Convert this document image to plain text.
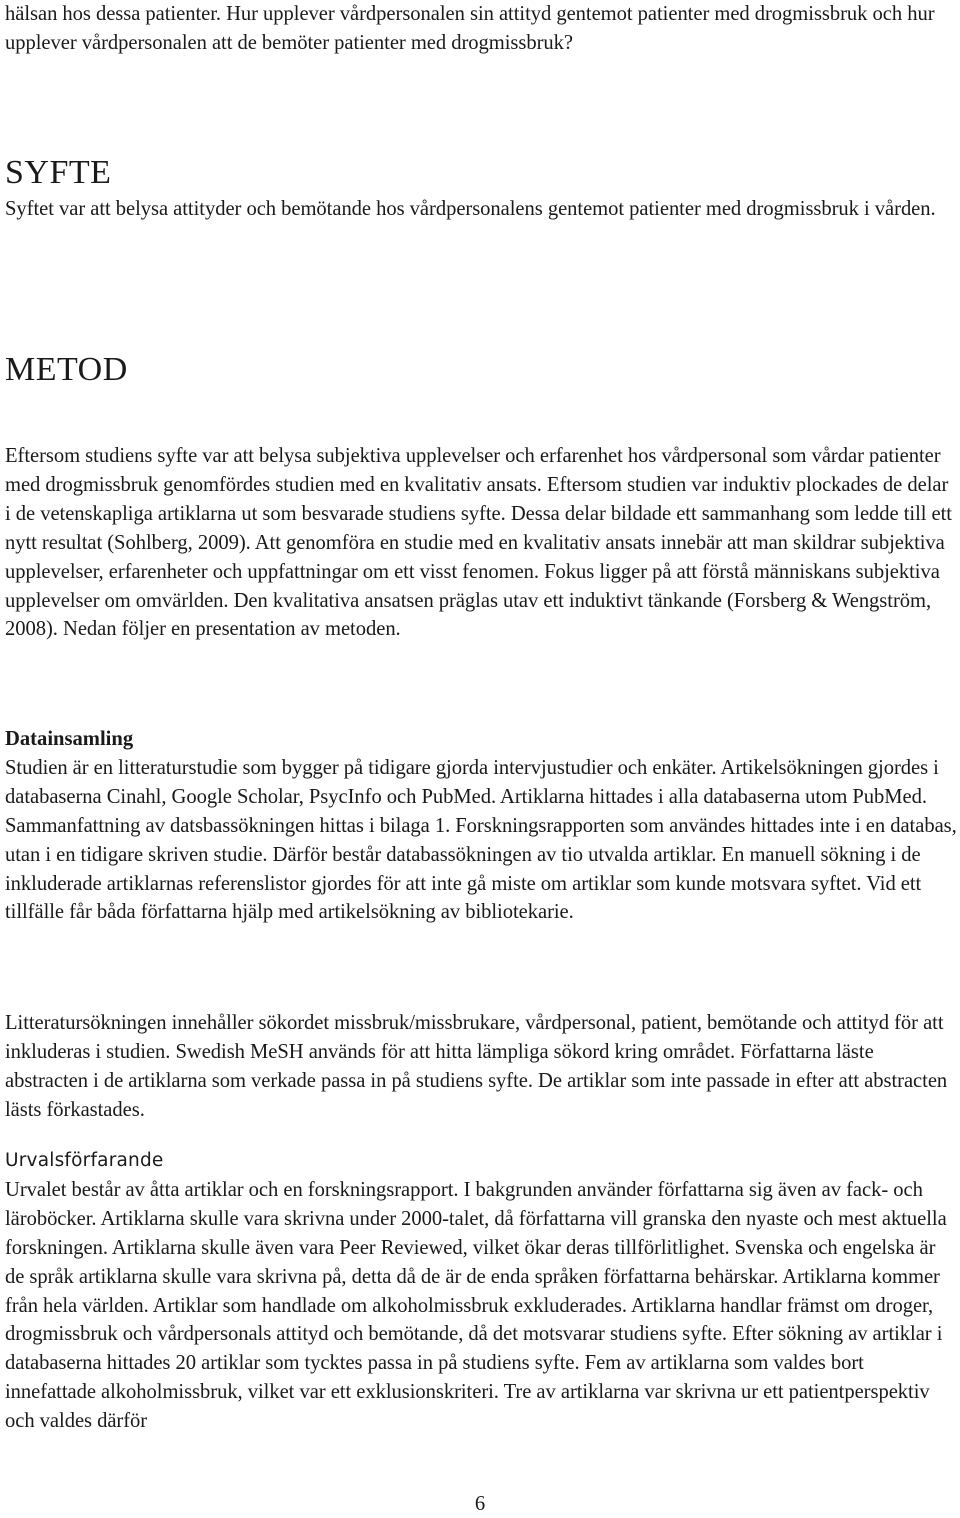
hälsan hos dessa patienter. Hur upplever vårdpersonalen sin attityd gentemot patienter med drogmissbruk och hur upplever vårdpersonalen att de bemöter patienter med drogmissbruk?

SYFTE

Syftet var att belysa attityder och bemötande hos vårdpersonalens gentemot patienter med drogmissbruk i vården.

METOD

Eftersom studiens syfte var att belysa subjektiva upplevelser och erfarenhet hos vårdpersonal som vårdar patienter med drogmissbruk genomfördes studien med en kvalitativ ansats. Eftersom studien var induktiv plockades de delar i de vetenskapliga artiklarna ut som besvarade studiens syfte. Dessa delar bildade ett sammanhang som ledde till ett nytt resultat (Sohlberg, 2009). Att genomföra en studie med en kvalitativ ansats innebär att man skildrar subjektiva upplevelser, erfarenheter och uppfattningar om ett visst fenomen. Fokus ligger på att förstå människans subjektiva upplevelser om omvärlden. Den kvalitativa ansatsen präglas utav ett induktivt tänkande (Forsberg & Wengström, 2008). Nedan följer en presentation av metoden.

Datainsamling

Studien är en litteraturstudie som bygger på tidigare gjorda intervjustudier och enkäter. Artikelsökningen gjordes i databaserna Cinahl, Google Scholar, PsycInfo och PubMed. Artiklarna hittades i alla databaserna utom PubMed. Sammanfattning av datsbassökningen hittas i bilaga 1. Forskningsrapporten som användes hittades inte i en databas, utan i en tidigare skriven studie. Därför består databassökningen av tio utvalda artiklar. En manuell sökning i de inkluderade artiklarnas referenslistor gjordes för att inte gå miste om artiklar som kunde motsvara syftet. Vid ett tillfälle får båda författarna hjälp med artikelsökning av bibliotekarie.

Litteratursökningen innehåller sökordet missbruk/missbrukare, vårdpersonal, patient, bemötande och attityd för att inkluderas i studien. Swedish MeSH används för att hitta lämpliga sökord kring området. Författarna läste abstracten i de artiklarna som verkade passa in på studiens syfte. De artiklar som inte passade in efter att abstracten lästs förkastades.

Urvalsförfarande

Urvalet består av åtta artiklar och en forskningsrapport. I bakgrunden använder författarna sig även av fack- och läroböcker. Artiklarna skulle vara skrivna under 2000-talet, då författarna vill granska den nyaste och mest aktuella forskningen. Artiklarna skulle även vara Peer Reviewed, vilket ökar deras tillförlitlighet. Svenska och engelska är de språk artiklarna skulle vara skrivna på, detta då de är de enda språken författarna behärskar. Artiklarna kommer från hela världen. Artiklar som handlade om alkoholmissbruk exkluderades. Artiklarna handlar främst om droger, drogmissbruk och vårdpersonals attityd och bemötande, då det motsvarar studiens syfte. Efter sökning av artiklar i databaserna hittades 20 artiklar som tycktes passa in på studiens syfte. Fem av artiklarna som valdes bort innefattade alkoholmissbruk, vilket var ett exklusionskriteri. Tre av artiklarna var skrivna ur ett patientperspektiv och valdes därför

6
